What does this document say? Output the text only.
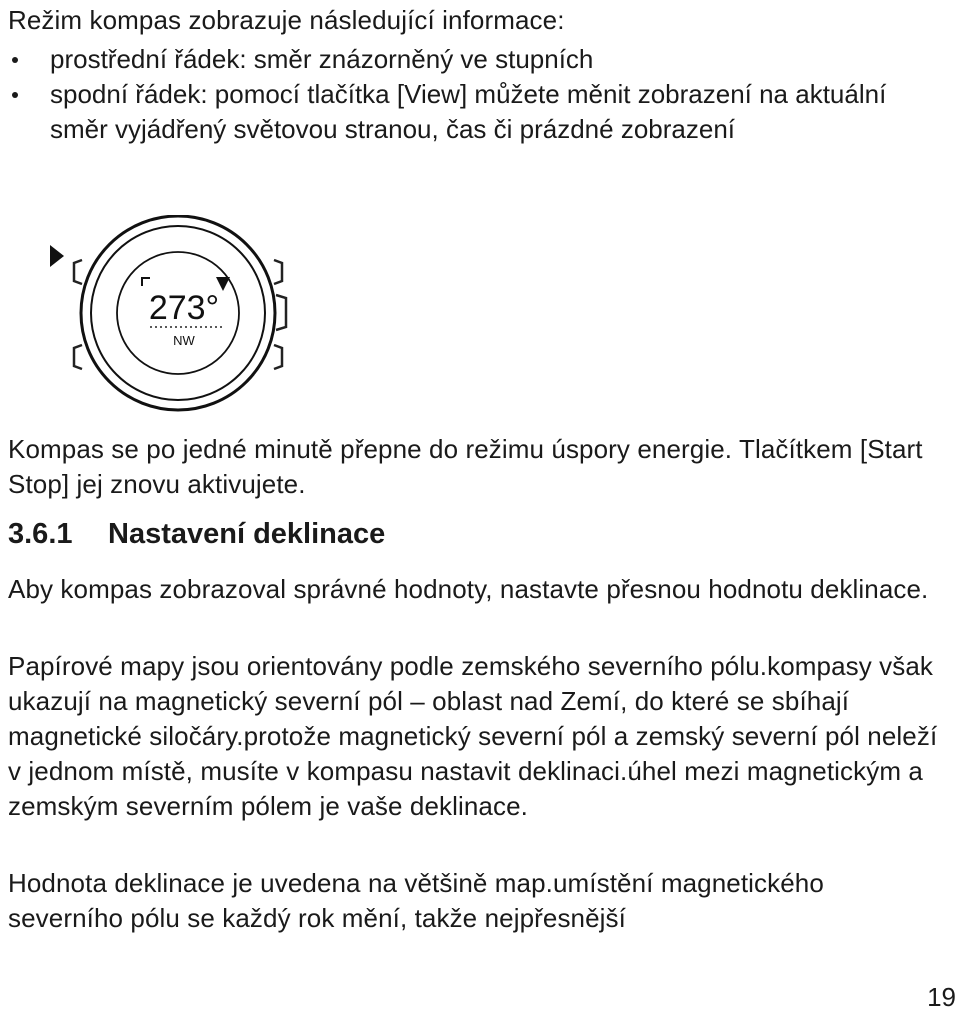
Režim kompas zobrazuje následující informace:

prostřední řádek: směr znázorněný ve stupních
spodní řádek: pomocí tlačítka [View] můžete měnit zobrazení na aktuální směr vyjádřený světovou stranou, čas či prázdné zobrazení
273°
NW

Kompas se po jedné minutě přepne do režimu úspory energie. Tlačítkem [Start Stop] jej znovu aktivujete.

3.6.1 Nastavení deklinace

Aby kompas zobrazoval správné hodnoty, nastavte přesnou hodnotu deklinace.

Papírové mapy jsou orientovány podle zemského severního pólu.kompasy však ukazují na magnetický severní pól – oblast nad Zemí, do které se sbíhají magnetické siločáry.protože magnetický severní pól a zemský severní pól neleží v jednom místě, musíte v kompasu nastavit deklinaci.úhel mezi magnetickým a zemským severním pólem je vaše deklinace.

Hodnota deklinace je uvedena na většině map.umístění magnetického severního pólu se každý rok mění, takže nejpřesnější

19
